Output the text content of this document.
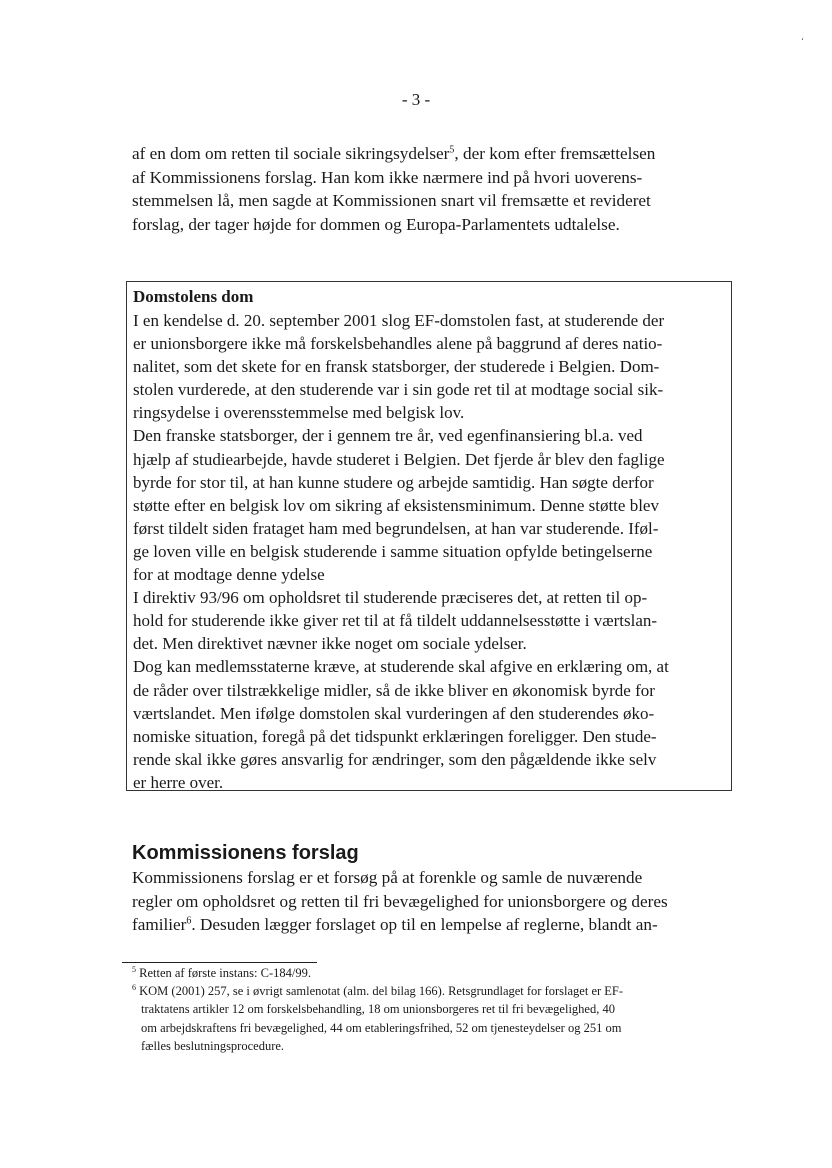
ʻ
- 3 -
af en dom om retten til sociale sikringsydelser$^5$, der kom efter fremsættelsen
af Kommissionens forslag. Han kom ikke nærmere ind på hvori uoverens-
stemmelsen lå, men sagde at Kommissionen snart vil fremsætte et revideret
forslag, der tager højde for dommen og Europa-Parlamentets udtalelse.
Domstolens dom
I en kendelse d. 20. september 2001 slog EF-domstolen fast, at studerende der
er unionsborgere ikke må forskelsbehandles alene på baggrund af deres natio-
nalitet, som det skete for en fransk statsborger, der studerede i Belgien. Dom-
stolen vurderede, at den studerende var i sin gode ret til at modtage social sik-
ringsydelse i overensstemmelse med belgisk lov.
Den franske statsborger, der i gennem tre år, ved egenfinansiering bl.a. ved
hjælp af studiearbejde, havde studeret i Belgien. Det fjerde år blev den faglige
byrde for stor til, at han kunne studere og arbejde samtidig. Han søgte derfor
støtte efter en belgisk lov om sikring af eksistensminimum. Denne støtte blev
først tildelt siden frataget ham med begrundelsen, at han var studerende. Iføl-
ge loven ville en belgisk studerende i samme situation opfylde betingelserne
for at modtage denne ydelse
I direktiv 93/96 om opholdsret til studerende præciseres det, at retten til op-
hold for studerende ikke giver ret til at få tildelt uddannelsesstøtte i værtslan-
det. Men direktivet nævner ikke noget om sociale ydelser.
Dog kan medlemsstaterne kræve, at studerende skal afgive en erklæring om, at
de råder over tilstrækkelige midler, så de ikke bliver en økonomisk byrde for
værtslandet. Men ifølge domstolen skal vurderingen af den studerendes øko-
nomiske situation, foregå på det tidspunkt erklæringen foreligger. Den stude-
rende skal ikke gøres ansvarlig for ændringer, som den pågældende ikke selv
er herre over.
Kommissionens forslag
Kommissionens forslag er et forsøg på at forenkle og samle de nuværende
regler om opholdsret og retten til fri bevægelighed for unionsborgere og deres
familier$^6$. Desuden lægger forslaget op til en lempelse af reglerne, blandt an-
$^5$ Retten af første instans: C-184/99.
$^6$ KOM (2001) 257, se i øvrigt samlenotat (alm. del bilag 166). Retsgrundlaget for forslaget er EF-
traktatens artikler 12 om forskelsbehandling, 18 om unionsborgeres ret til fri bevægelighed, 40
om arbejdskraftens fri bevægelighed, 44 om etableringsfrihed, 52 om tjenesteydelser og 251 om
fælles beslutningsprocedure.
